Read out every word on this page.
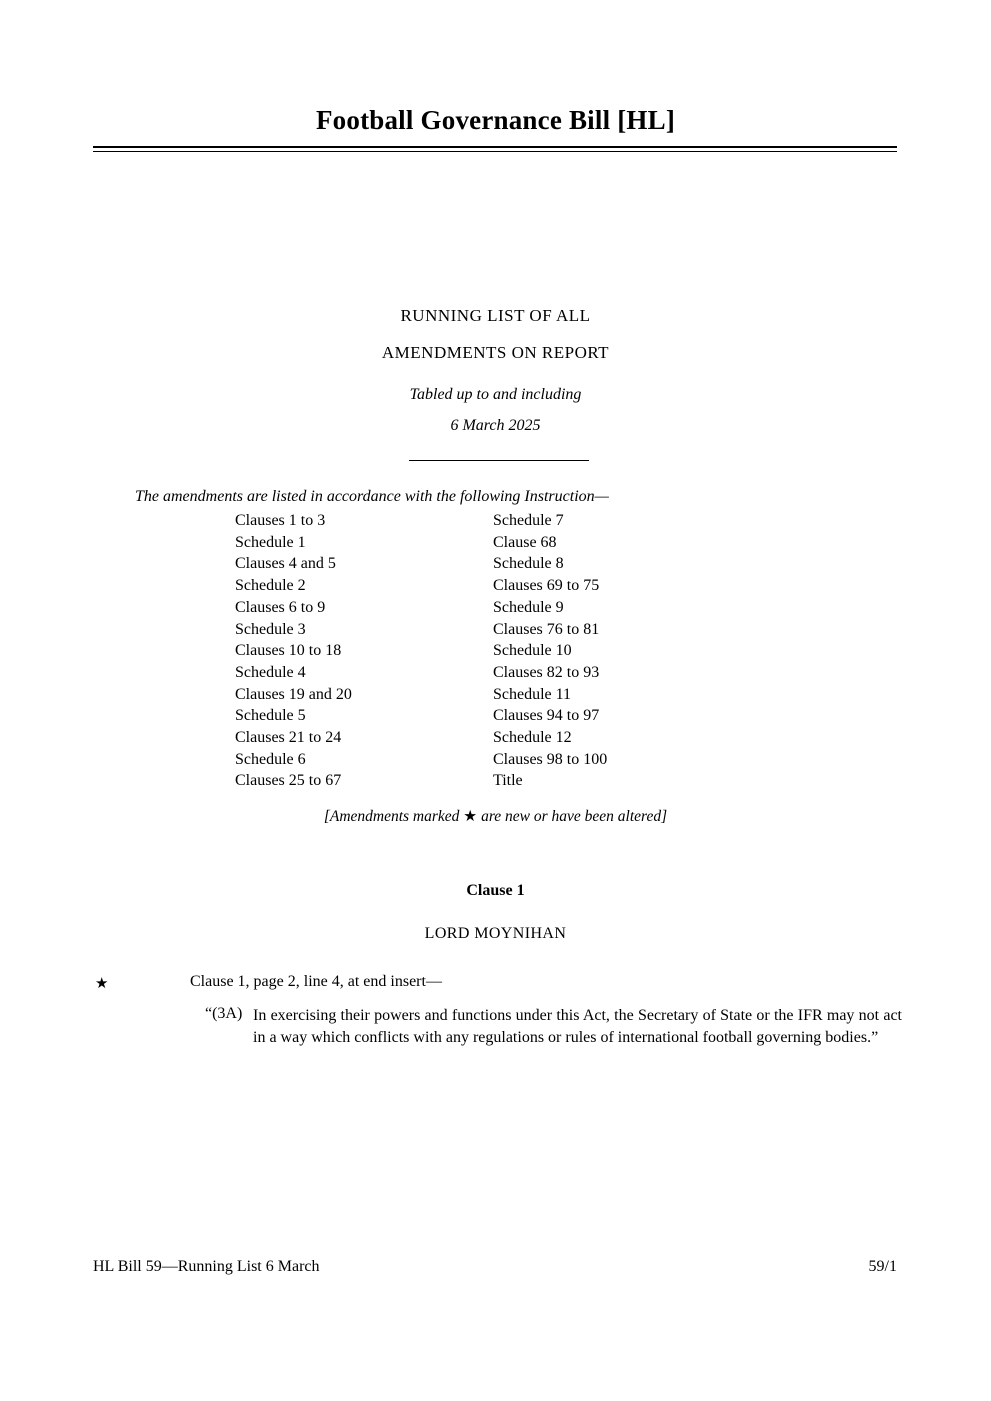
Football Governance Bill [HL]
RUNNING LIST OF ALL
AMENDMENTS ON REPORT
Tabled up to and including
6 March 2025
The amendments are listed in accordance with the following Instruction—
Clauses 1 to 3
Schedule 1
Clauses 4 and 5
Schedule 2
Clauses 6 to 9
Schedule 3
Clauses 10 to 18
Schedule 4
Clauses 19 and 20
Schedule 5
Clauses 21 to 24
Schedule 6
Clauses 25 to 67
Schedule 7
Clause 68
Schedule 8
Clauses 69 to 75
Schedule 9
Clauses 76 to 81
Schedule 10
Clauses 82 to 93
Schedule 11
Clauses 94 to 97
Schedule 12
Clauses 98 to 100
Title
[Amendments marked ★ are new or have been altered]
Clause 1
LORD MOYNIHAN
★	Clause 1, page 2, line 4, at end insert—
“(3A) In exercising their powers and functions under this Act, the Secretary of State or the IFR may not act in a way which conflicts with any regulations or rules of international football governing bodies.”
HL Bill 59—Running List 6 March	59/1
